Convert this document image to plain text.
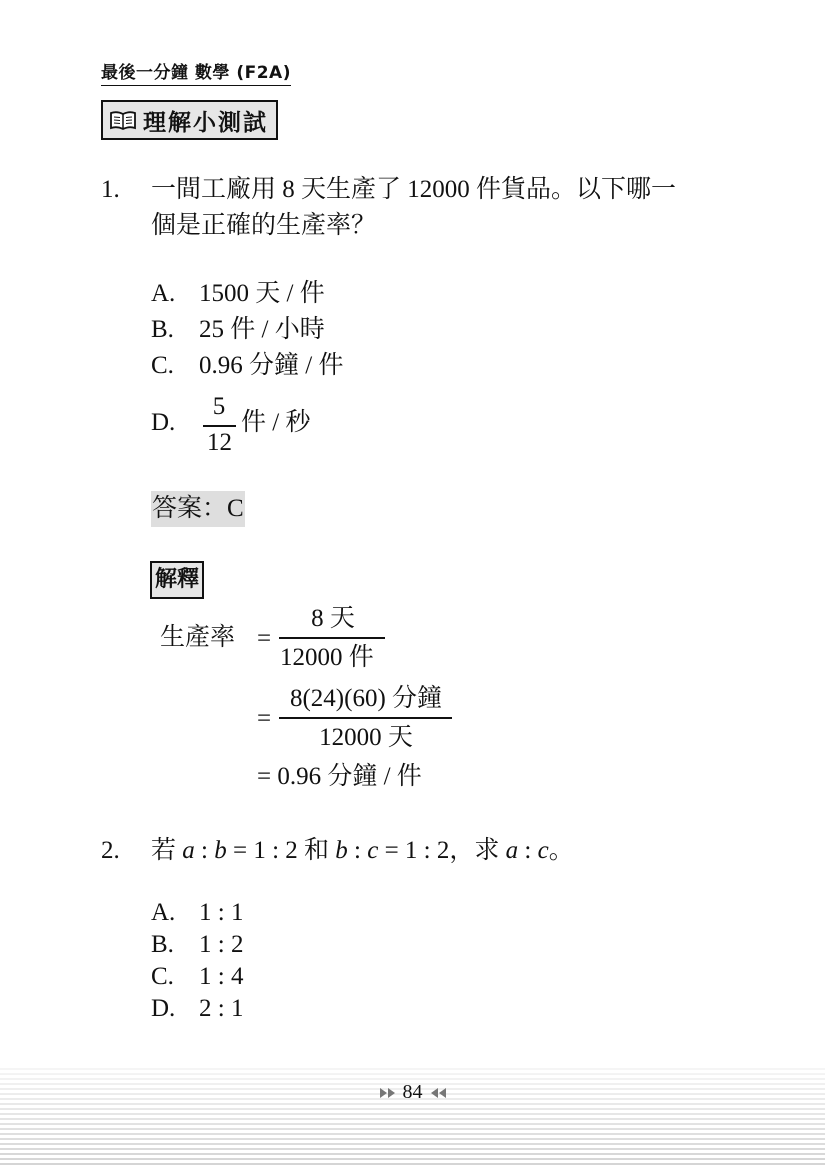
最後一分鐘 數學 (F2A)
理解小測試
1. 一間工廠用 8 天生產了 12000 件貨品。以下哪一
個是正確的生產率？
A. 1500 天 / 件
B.	25 件 / 小時
C.	0.96 分鐘 / 件
D.
5
12
件 / 秒
答案：C
解釋
生產率 =
8 天
12000 件
=
8(24)(60) 分鐘
12000 天
= 0.96 分鐘 / 件
2. 若 a : b = 1 : 2 和 b : c = 1 : 2，求 a : c。
A. 1 : 1
B.	1 : 2
C.	1 : 4
D. 2 : 1
84
